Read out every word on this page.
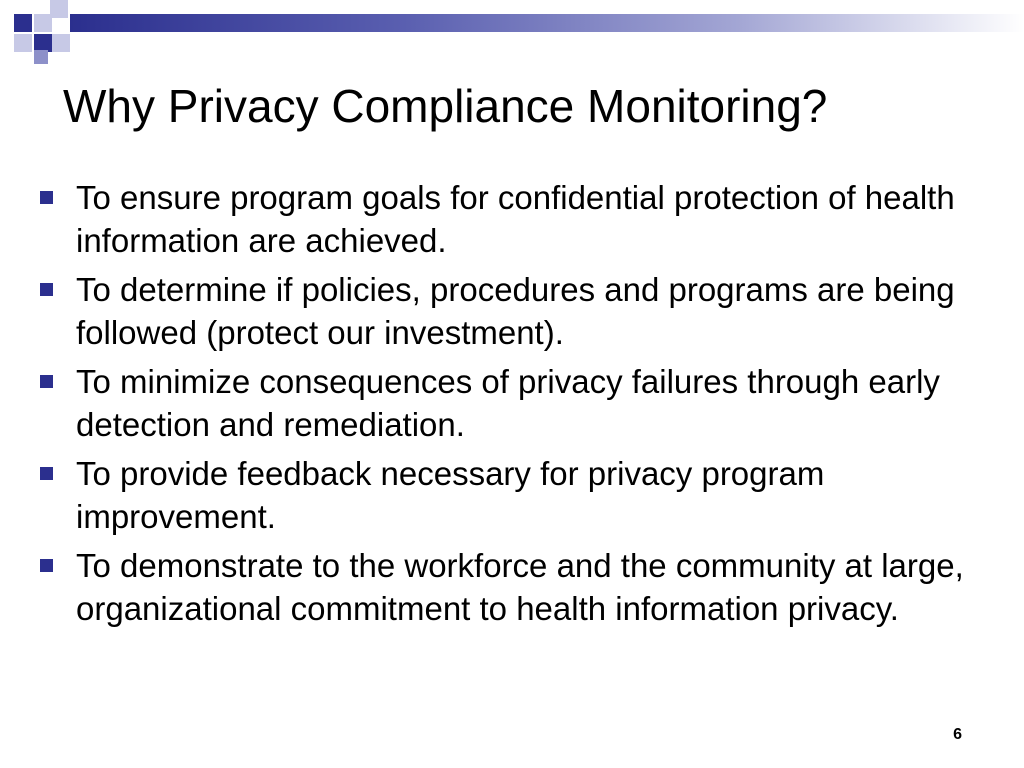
Why Privacy Compliance Monitoring?
To ensure program goals for confidential protection of health information are achieved.
To determine if policies, procedures and programs are being followed (protect our investment).
To minimize consequences of privacy failures through early detection and remediation.
To provide feedback necessary for privacy program improvement.
To demonstrate to the workforce and the community at large, organizational commitment to health information privacy.
6
